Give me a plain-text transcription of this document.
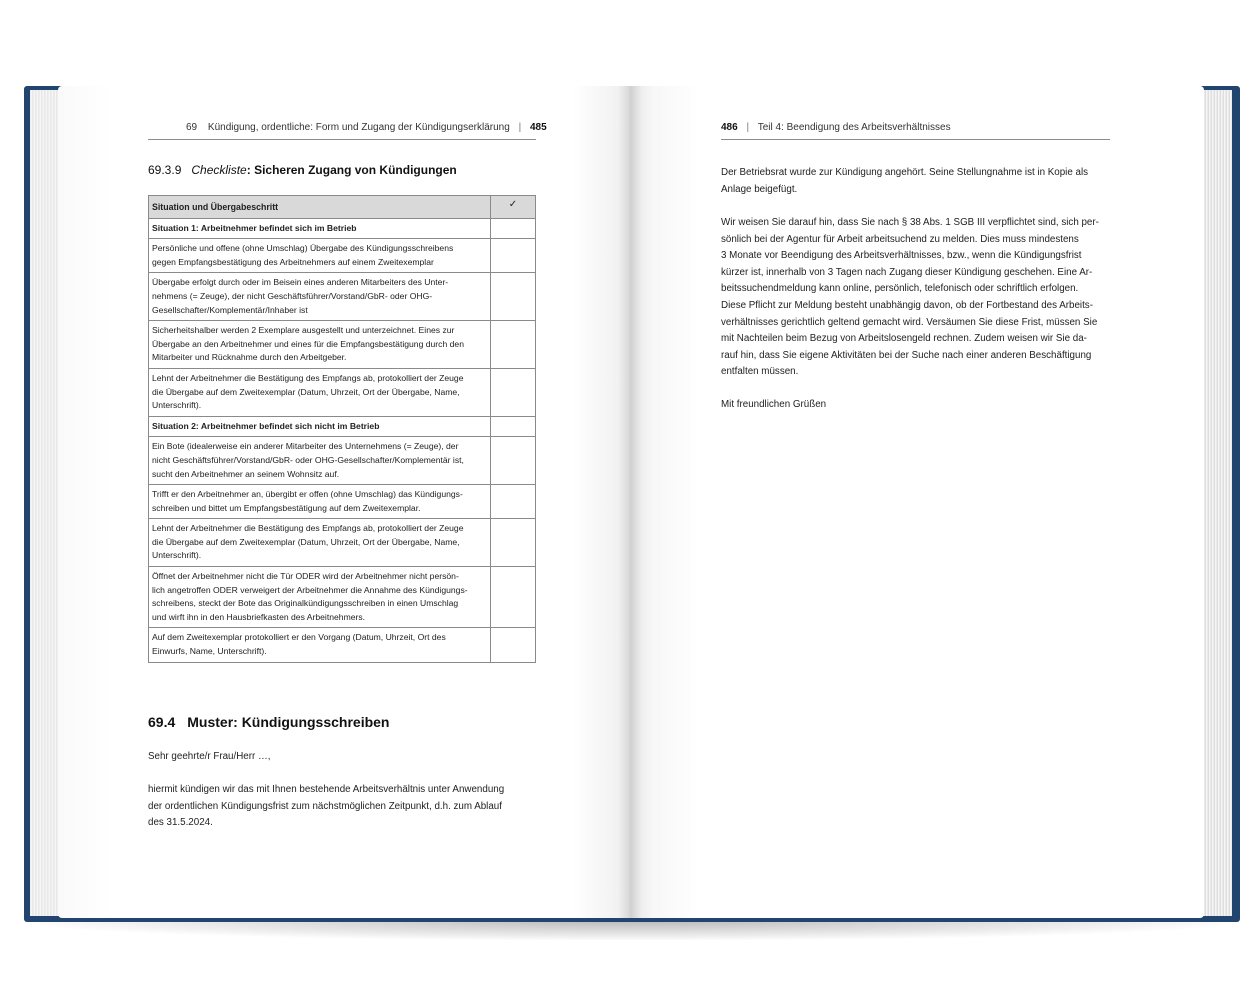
69 Kündigung, ordentliche: Form und Zugang der Kündigungserklärung | 485
69.3.9 Checkliste: Sicheren Zugang von Kündigungen
Situation und Übergabeschritt	✓

Situation 1: Arbeitnehmer befindet sich im Betrieb	

Persönliche und offene (ohne Umschlag) Übergabe des Kündigungsschreibens
gegen Empfangsbestätigung des Arbeitnehmers auf einem Zweitexemplar	

Übergabe erfolgt durch oder im Beisein eines anderen Mitarbeiters des Unter-
nehmens (= Zeuge), der nicht Geschäftsführer/Vorstand/GbR- oder OHG-
Gesellschafter/Komplementär/Inhaber ist	

Sicherheitshalber werden 2 Exemplare ausgestellt und unterzeichnet. Eines zur
Übergabe an den Arbeitnehmer und eines für die Empfangsbestätigung durch den
Mitarbeiter und Rücknahme durch den Arbeitgeber.	

Lehnt der Arbeitnehmer die Bestätigung des Empfangs ab, protokolliert der Zeuge
die Übergabe auf dem Zweitexemplar (Datum, Uhrzeit, Ort der Übergabe, Name,
Unterschrift).	

Situation 2: Arbeitnehmer befindet sich nicht im Betrieb	

Ein Bote (idealerweise ein anderer Mitarbeiter des Unternehmens (= Zeuge), der
nicht Geschäftsführer/Vorstand/GbR- oder OHG-Gesellschafter/Komplementär ist,
sucht den Arbeitnehmer an seinem Wohnsitz auf.	

Trifft er den Arbeitnehmer an, übergibt er offen (ohne Umschlag) das Kündigungs-
schreiben und bittet um Empfangsbestätigung auf dem Zweitexemplar.	

Lehnt der Arbeitnehmer die Bestätigung des Empfangs ab, protokolliert der Zeuge
die Übergabe auf dem Zweitexemplar (Datum, Uhrzeit, Ort der Übergabe, Name,
Unterschrift).	

Öffnet der Arbeitnehmer nicht die Tür ODER wird der Arbeitnehmer nicht persön-
lich angetroffen ODER verweigert der Arbeitnehmer die Annahme des Kündigungs-
schreibens, steckt der Bote das Originalkündigungsschreiben in einen Umschlag
und wirft ihn in den Hausbriefkasten des Arbeitnehmers.	

Auf dem Zweitexemplar protokolliert er den Vorgang (Datum, Uhrzeit, Ort des
Einwurfs, Name, Unterschrift).	

69.4 Muster: Kündigungsschreiben
Sehr geehrte/r Frau/Herr …,
hiermit kündigen wir das mit Ihnen bestehende Arbeitsverhältnis unter Anwendung
der ordentlichen Kündigungsfrist zum nächstmöglichen Zeitpunkt, d.h. zum Ablauf
des 31.5.2024.
486 | Teil 4: Beendigung des Arbeitsverhältnisses
Der Betriebsrat wurde zur Kündigung angehört. Seine Stellungnahme ist in Kopie als
Anlage beigefügt.
Wir weisen Sie darauf hin, dass Sie nach § 38 Abs. 1 SGB III verpflichtet sind, sich per-
sönlich bei der Agentur für Arbeit arbeitsuchend zu melden. Dies muss mindestens
3 Monate vor Beendigung des Arbeitsverhältnisses, bzw., wenn die Kündigungsfrist
kürzer ist, innerhalb von 3 Tagen nach Zugang dieser Kündigung geschehen. Eine Ar-
beitssuchendmeldung kann online, persönlich, telefonisch oder schriftlich erfolgen.
Diese Pflicht zur Meldung besteht unabhängig davon, ob der Fortbestand des Arbeits-
verhältnisses gerichtlich geltend gemacht wird. Versäumen Sie diese Frist, müssen Sie
mit Nachteilen beim Bezug von Arbeitslosengeld rechnen. Zudem weisen wir Sie da-
rauf hin, dass Sie eigene Aktivitäten bei der Suche nach einer anderen Beschäftigung
entfalten müssen.
Mit freundlichen Grüßen
